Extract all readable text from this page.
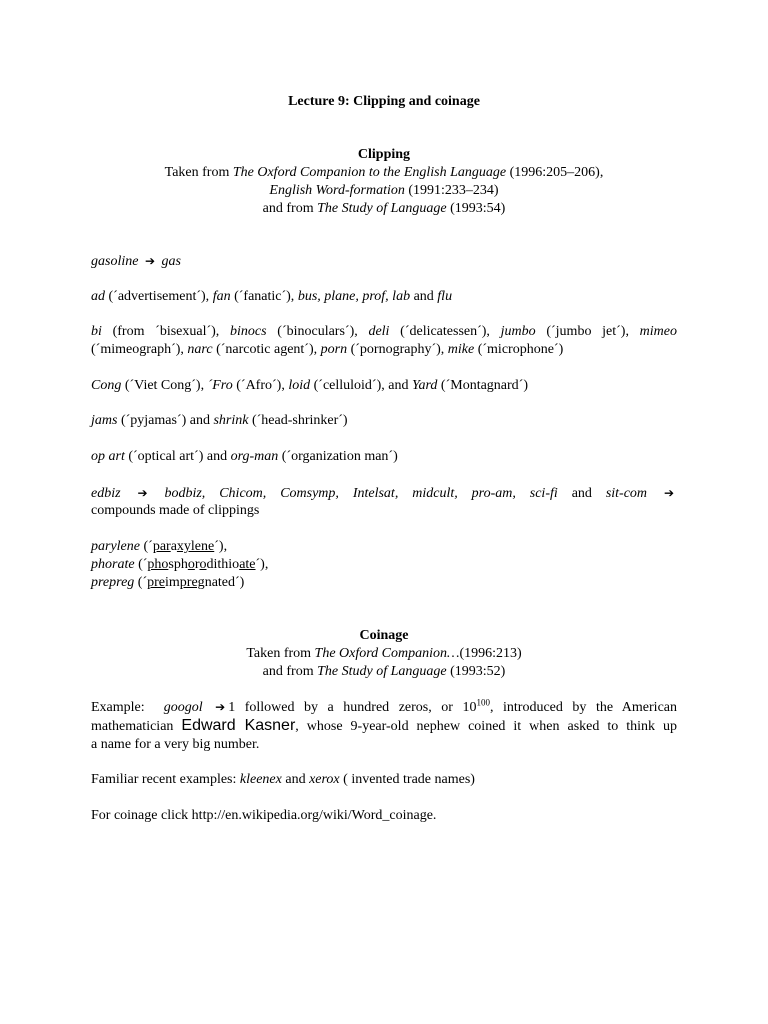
Lecture 9: Clipping and coinage
Clipping
Taken from The Oxford Companion to the English Language (1996:205–206),
English Word-formation (1991:233–234)
and from The Study of Language (1993:54)
gasoline ➔ gas
ad (´advertisement´), fan (´fanatic´), bus, plane, prof, lab and flu
bi (from ´bisexual´), binocs (´binoculars´), deli (´delicatessen´), jumbo (´jumbo jet´), mimeo
(´mimeograph´), narc (´narcotic agent´), porn (´pornography´), mike (´microphone´)
Cong (´Viet Cong´), ´Fro (´Afro´), loid (´celluloid´), and Yard (´Montagnard´)
jams (´pyjamas´) and shrink (´head-shrinker´)
op art (´optical art´) and org-man (´organization man´)
edbiz ➔ bodbiz, Chicom, Comsymp, Intelsat, midcult, pro-am, sci-fi and sit-com ➔
compounds made of clippings
parylene (´paraxylene´),
phorate (´phosphorodithioate´),
prepreg (´preimpregnated´)
Coinage
Taken from The Oxford Companion…(1996:213)
and from The Study of Language (1993:52)
Example: googol ➔ 1 followed by a hundred zeros, or $10^{100}$, introduced by the American
mathematician Edward Kasner, whose 9-year-old nephew coined it when asked to think up
a name for a very big number.
Familiar recent examples: kleenex and xerox ( invented trade names)
For coinage click http://en.wikipedia.org/wiki/Word_coinage.
